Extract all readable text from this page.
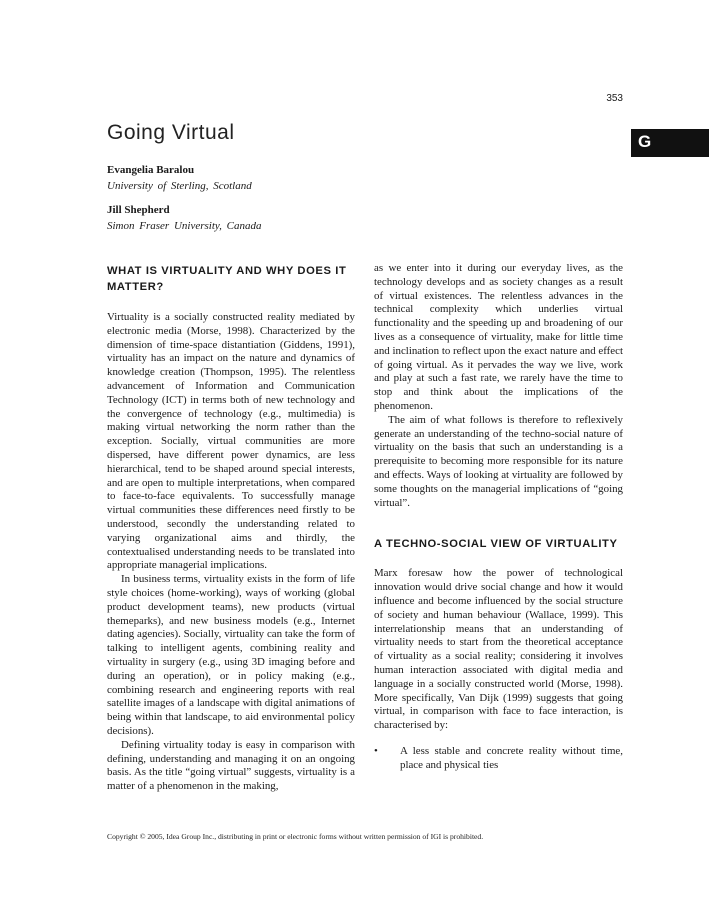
353
G
Going Virtual
Evangelia Baralou
University of Sterling, Scotland
Jill Shepherd
Simon Fraser University, Canada
WHAT IS VIRTUALITY AND WHY DOES IT MATTER?

Virtuality is a socially constructed reality mediated by electronic media (Morse, 1998). Characterized by the dimension of time-space distantiation (Giddens, 1991), virtuality has an impact on the nature and dynamics of knowledge creation (Thompson, 1995). The relentless advancement of Information and Communication Technology (ICT) in terms both of new technology and the convergence of technology (e.g., multimedia) is making virtual networking the norm rather than the exception. Socially, virtual communities are more dispersed, have different power dynamics, are less hierarchical, tend to be shaped around special interests, and are open to multiple interpretations, when compared to face-to-face equivalents. To successfully manage virtual communities these differences need firstly to be understood, secondly the understanding related to varying organizational aims and thirdly, the contextualised understanding needs to be translated into appropriate managerial implications.

In business terms, virtuality exists in the form of life style choices (home-working), ways of working (global product development teams), new products (virtual themeparks), and new business models (e.g., Internet dating agencies). Socially, virtuality can take the form of talking to intelligent agents, combining reality and virtuality in surgery (e.g., using 3D imaging before and during an operation), or in policy making (e.g., combining research and engineering reports with real satellite images of a landscape with digital animations of being within that landscape, to aid environmental policy decisions).

Defining virtuality today is easy in comparison with defining, understanding and managing it on an ongoing basis. As the title “going virtual” suggests, virtuality is a matter of a phenomenon in the making,

as we enter into it during our everyday lives, as the technology develops and as society changes as a result of virtual existences. The relentless advances in the technical complexity which underlies virtual functionality and the speeding up and broadening of our lives as a consequence of virtuality, make for little time and inclination to reflect upon the exact nature and effect of going virtual. As it pervades the way we live, work and play at such a fast rate, we rarely have the time to stop and think about the implications of the phenomenon.

The aim of what follows is therefore to reflexively generate an understanding of the techno-social nature of virtuality on the basis that such an understanding is a prerequisite to becoming more responsible for its nature and effects. Ways of looking at virtuality are followed by some thoughts on the managerial implications of “going virtual”.

A TECHNO-SOCIAL VIEW OF VIRTUALITY

Marx foresaw how the power of technological innovation would drive social change and how it would influence and become influenced by the social structure of society and human behaviour (Wallace, 1999). This interrelationship means that an understanding of virtuality needs to start from the theoretical acceptance of virtuality as a social reality; considering it involves human interaction associated with digital media and language in a socially constructed world (Morse, 1998). More specifically, Van Dijk (1999) suggests that going virtual, in comparison with face to face interaction, is characterised by:

• A less stable and concrete reality without time, place and physical ties
Copyright © 2005, Idea Group Inc., distributing in print or electronic forms without written permission of IGI is prohibited.
